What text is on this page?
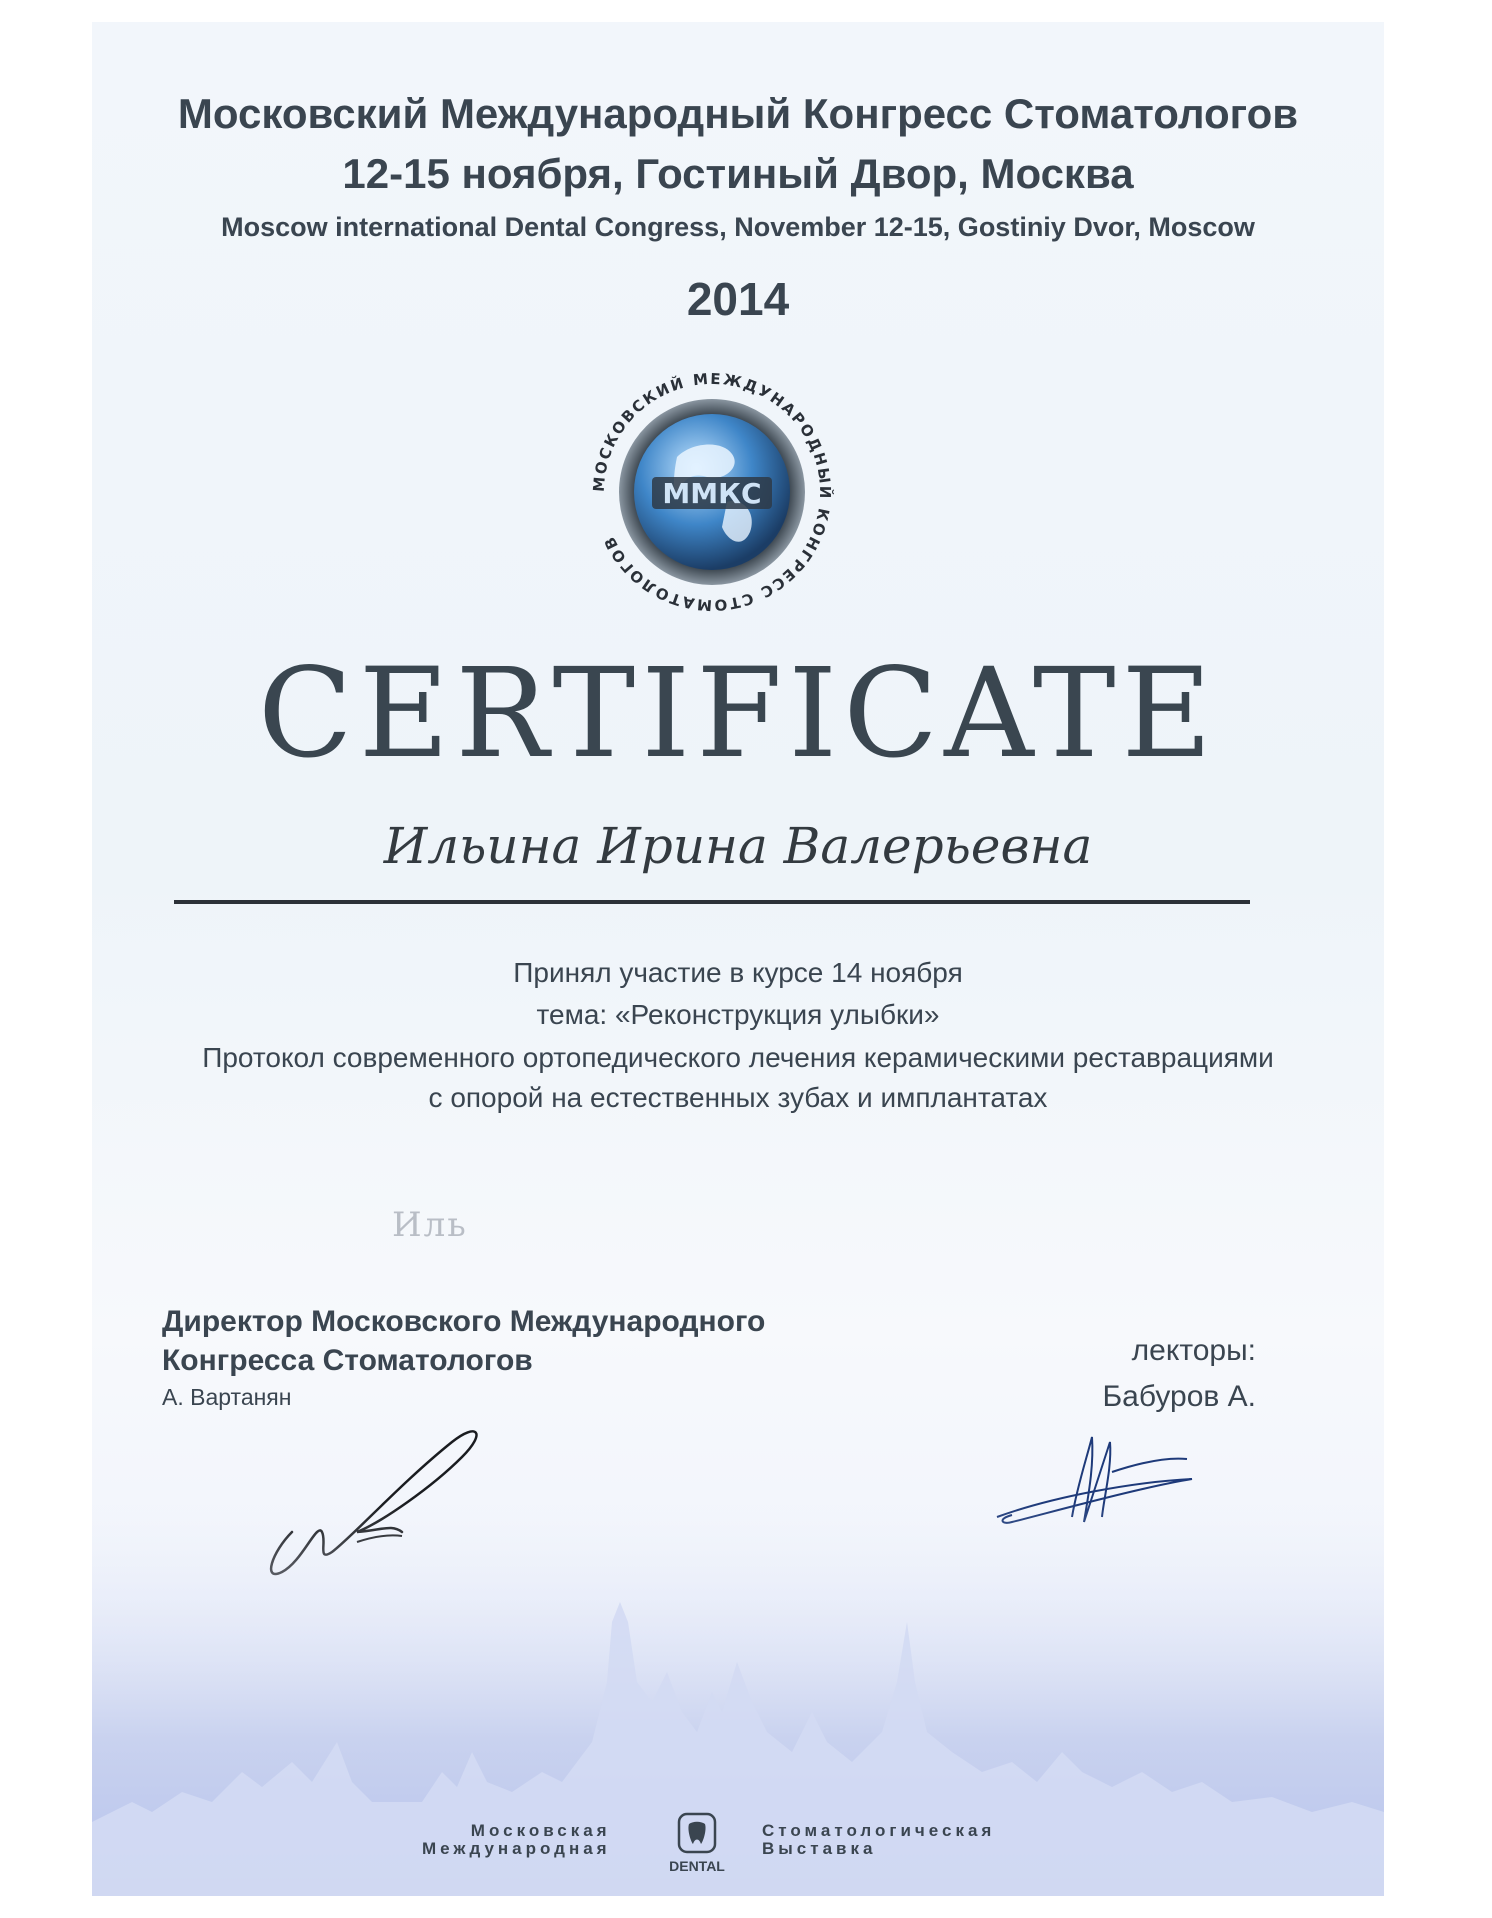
Московский Международный Конгресс Стоматологов
12-15 ноября, Гостиный Двор, Москва
Moscow international Dental Congress, November 12-15, Gostiniy Dvor, Moscow
2014
ММКС
МОСКОВСКИЙ МЕЖДУНАРОДНЫЙ КОНГРЕСС СТОМАТОЛОГОВ
CERTIFICATE
Ильина Ирина Валерьевна
Принял участие в курсе 14 ноября
тема: «Реконструкция улыбки»
Протокол современного ортопедического лечения керамическими реставрациями
с опорой на естественных зубах и имплантатах
Иль
Директор Московского Международного
Конгресса Стоматологов
А. Вартанян
лекторы:
Бабуров А.
Московская
Международная
DENTAL
Стоматологическая
Выставка
